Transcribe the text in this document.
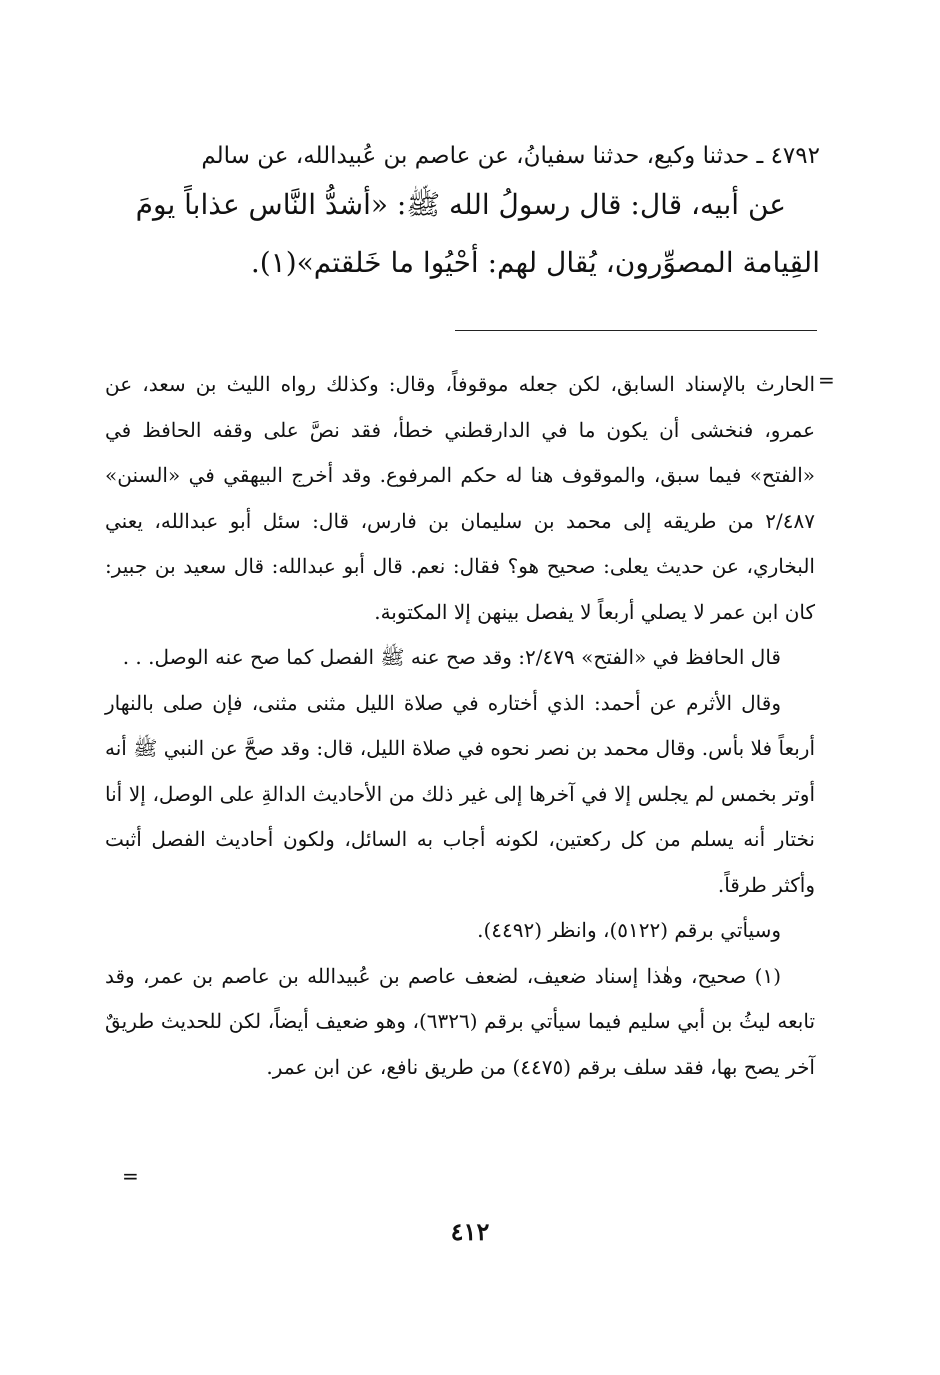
٤٧٩٢ ـ حدثنا وكيع، حدثنا سفيانُ، عن عاصم بن عُبيدالله، عن سالم

عن أبيه، قال: قال رسولُ الله ﷺ: «أشدُّ النَّاس عذاباً يومَ

القِيامة المصوِّرون، يُقال لهم: أحْيُوا ما خَلقتم»(١).

=

الحارث بالإسناد السابق، لكن جعله موقوفاً، وقال: وكذلك رواه الليث بن سعد، عن عمرو، فنخشى أن يكون ما في الدارقطني خطأ، فقد نصَّ على وقفه الحافظ في «الفتح» فيما سبق، والموقوف هنا له حكم المرفوع. وقد أخرج البيهقي في «السنن» ٢/٤٨٧ من طريقه إلى محمد بن سليمان بن فارس، قال: سئل أبو عبدالله، يعني البخاري، عن حديث يعلى: صحيح هو؟ فقال: نعم. قال أبو عبدالله: قال سعيد بن جبير: كان ابن عمر لا يصلي أربعاً لا يفصل بينهن إلا المكتوبة.

قال الحافظ في «الفتح» ٢/٤٧٩: وقد صح عنه ﷺ الفصل كما صح عنه الوصل. . .

وقال الأثرم عن أحمد: الذي أختاره في صلاة الليل مثنى مثنى، فإن صلى بالنهار أربعاً فلا بأس. وقال محمد بن نصر نحوه في صلاة الليل، قال: وقد صحَّ عن النبي ﷺ أنه أوتر بخمس لم يجلس إلا في آخرها إلى غير ذلك من الأحاديث الدالةِ على الوصل، إلا أنا نختار أنه يسلم من كل ركعتين، لكونه أجاب به السائل، ولكون أحاديث الفصل أثبت وأكثر طرقاً.

وسيأتي برقم (٥١٢٢)، وانظر (٤٤٩٢).

(١) صحيح، وهٰذا إسناد ضعيف، لضعف عاصم بن عُبيدالله بن عاصم بن عمر، وقد تابعه ليثُ بن أبي سليم فيما سيأتي برقم (٦٣٢٦)، وهو ضعيف أيضاً، لكن للحديث طريقٌ آخر يصح بها، فقد سلف برقم (٤٤٧٥) من طريق نافع، عن ابن عمر.

=
٤١٢
